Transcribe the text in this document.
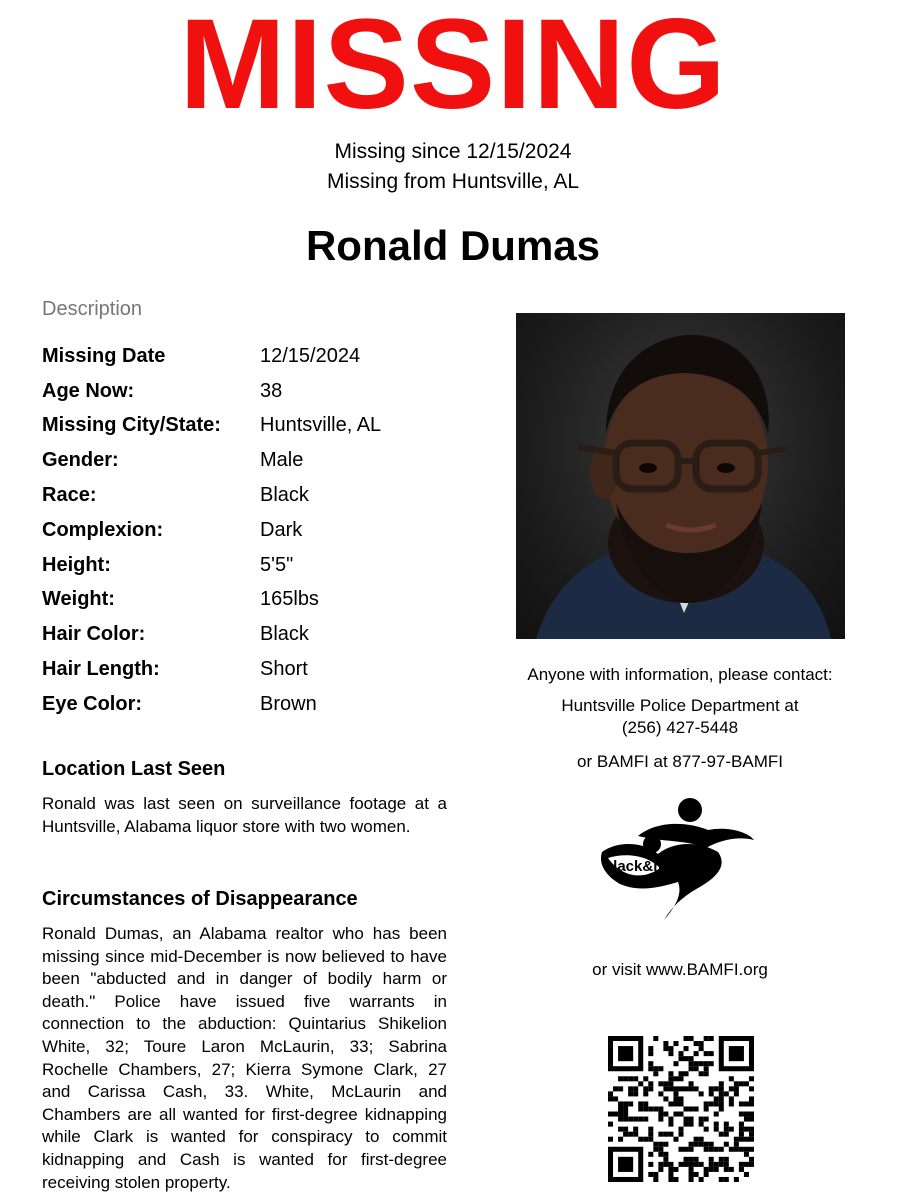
MISSING
Missing since 12/15/2024
Missing from Huntsville, AL
Ronald Dumas
Description
Missing Date	12/15/2024
Age Now:	38
Missing City/State:	Huntsville, AL
Gender:	Male
Race:	Black
Complexion:	Dark
Height:	5'5"
Weight:	165lbs
Hair Color:	Black
Hair Length:	Short
Eye Color:	Brown
Location Last Seen
Ronald was last seen on surveillance footage at a Huntsville, Alabama liquor store with two women.
Circumstances of Disappearance
Ronald Dumas, an Alabama realtor who has been missing since mid-December is now believed to have been "abducted and in danger of bodily harm or death." Police have issued five warrants in connection to the abduction: Quintarius Shikelion White, 32; Toure Laron McLaurin, 33; Sabrina Rochelle Chambers, 27; Kierra Symone Clark, 27 and Carissa Cash, 33. White, McLaurin and Chambers are all wanted for first-degree kidnapping while Clark is wanted for conspiracy to commit kidnapping and Cash is wanted for first-degree receiving stolen property.
Anyone with information, please contact:
Huntsville Police Department at
(256) 427-5448
or BAMFI at 877-97-BAMFI
black&missing
or visit www.BAMFI.org
